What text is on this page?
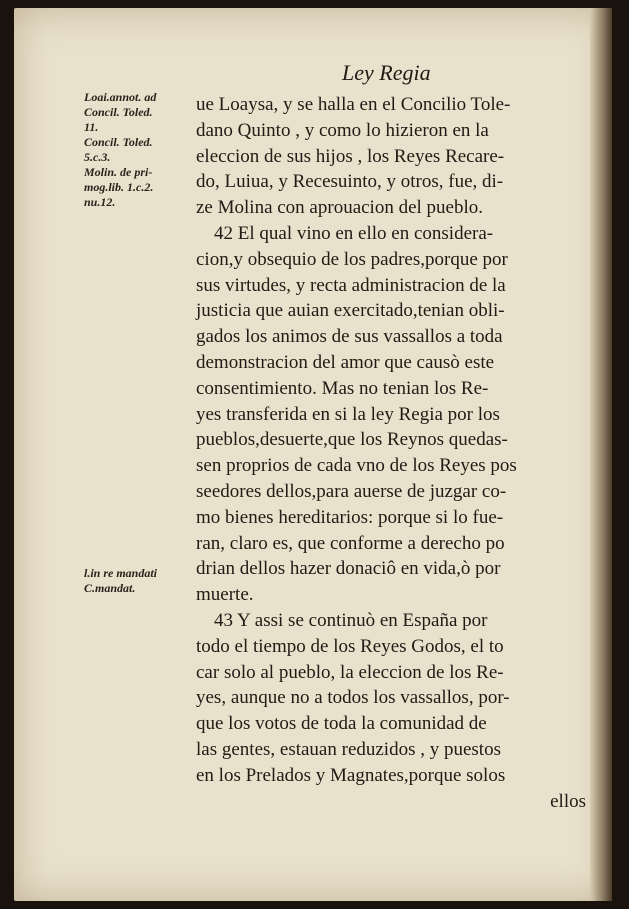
Ley Regia
Loai.annot. ad
Concil. Toled.
11.
Concil. Toled.
5.c.3.
Molin. de pri-
mog.lib. 1.c.2.
nu.12.
l.in re mandati
C.mandat.
ue Loaysa, y se halla en el Concilio Tole-
dano Quinto , y como lo hizieron en la
eleccion de sus hijos , los Reyes Recare-
do, Luiua, y Recesuinto, y otros, fue, di-
ze Molina con aprouacion del pueblo.
42 El qual vino en ello en considera-
cion,y obsequio de los padres,porque por
sus virtudes, y recta administracion de la
justicia que auian exercitado,tenian obli-
gados los animos de sus vassallos a toda
demonstracion del amor que causò este
consentimiento. Mas no tenian los Re-
yes transferida en si la ley Regia por los
pueblos,desuerte,que los Reynos quedas-
sen proprios de cada vno de los Reyes pos
seedores dellos,para auerse de juzgar co-
mo bienes hereditarios: porque si lo fue-
ran, claro es, que conforme a derecho po
drian dellos hazer donaciô en vida,ò por
muerte.
43 Y assi se continuò en España por
todo el tiempo de los Reyes Godos, el to
car solo al pueblo, la eleccion de los Re-
yes, aunque no a todos los vassallos, por-
que los votos de toda la comunidad de
las gentes, estauan reduzidos , y puestos
en los Prelados y Magnates,porque solos
ellos
